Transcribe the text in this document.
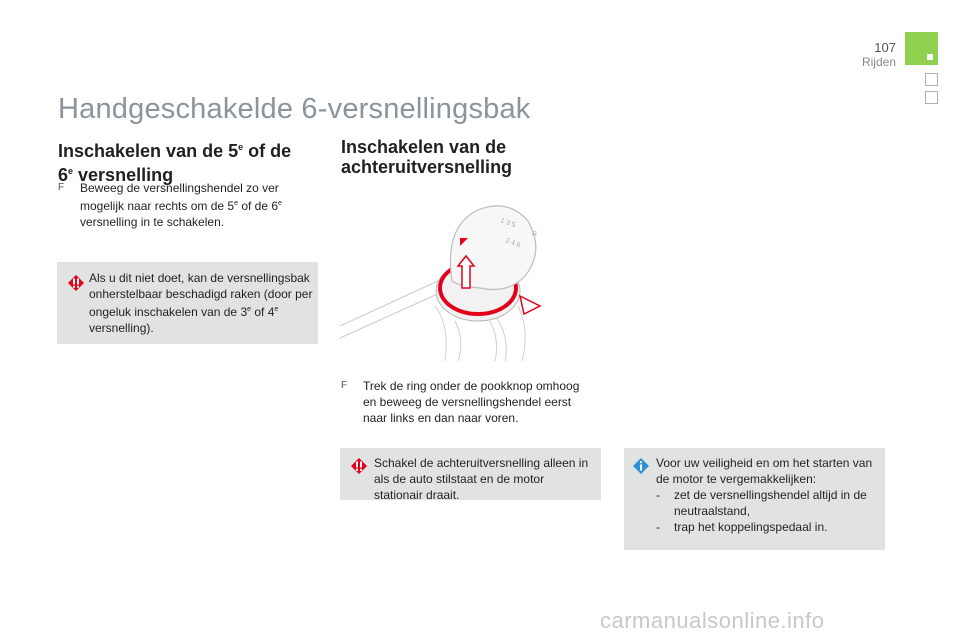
107
Rijden
Handgeschakelde 6-versnellingsbak
Inschakelen van de 5e of de
6e versnelling
F	Beweeg de versnellingshendel zo ver mogelijk naar rechts om de 5e of de 6e versnelling in te schakelen.
Als u dit niet doet, kan de versnellingsbak onherstelbaar beschadigd raken (door per ongeluk inschakelen van de 3e of 4e versnelling).
Inschakelen van de
achteruitversnelling
1 3 5
2 4 6
R
F	Trek de ring onder de pookknop omhoog en beweeg de versnellingshendel eerst naar links en dan naar voren.
Schakel de achteruitversnelling alleen in als de auto stilstaat en de motor stationair draait.
Voor uw veiligheid en om het starten van de motor te vergemakkelijken:
- zet de versnellingshendel altijd in de neutraalstand,
- trap het koppelingspedaal in.
carmanualsonline.info
